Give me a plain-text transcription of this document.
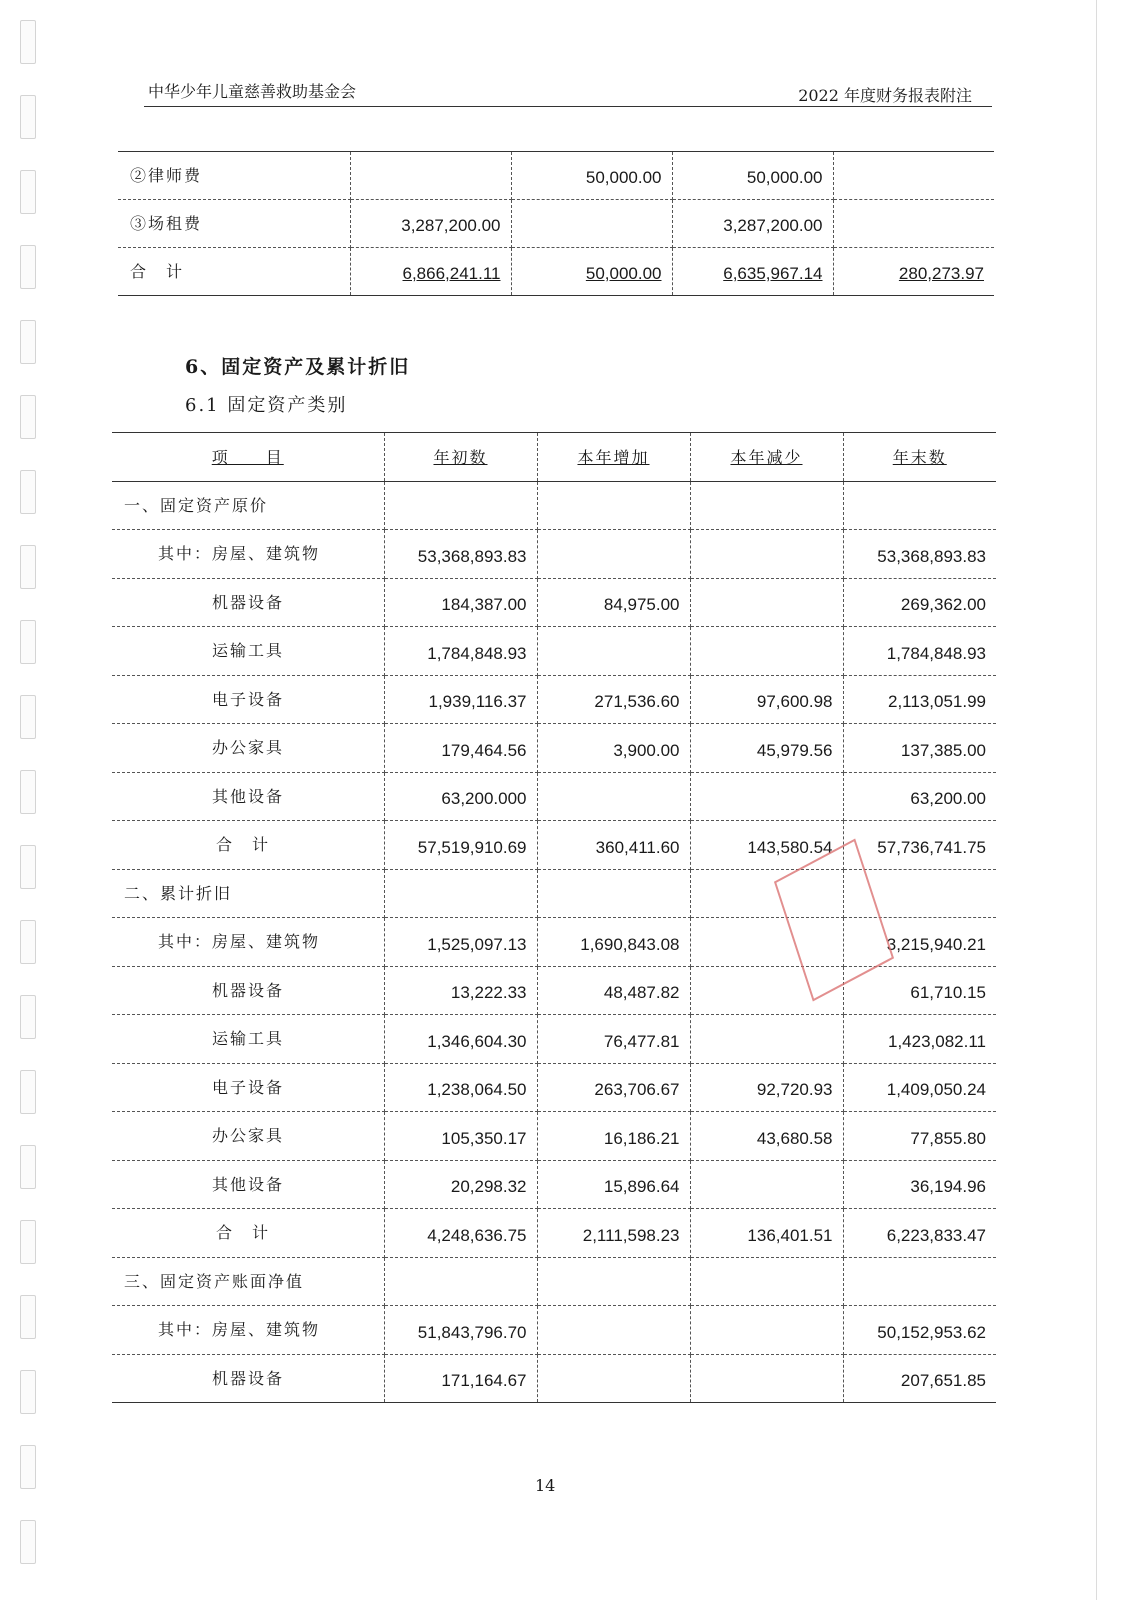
中华少年儿童慈善救助基金会	2022 年度财务报表附注
②律师费		50,000.00	50,000.00	
③场租费	3,287,200.00		3,287,200.00	
合　计	6,866,241.11	50,000.00	6,635,967.14	280,273.97
6、固定资产及累计折旧
6.1 固定资产类别
项　　目	年初数	本年增加	本年减少	年末数
一、固定资产原价				
其中：房屋、建筑物	53,368,893.83			53,368,893.83
机器设备	184,387.00	84,975.00		269,362.00
运输工具	1,784,848.93			1,784,848.93
电子设备	1,939,116.37	271,536.60	97,600.98	2,113,051.99
办公家具	179,464.56	3,900.00	45,979.56	137,385.00
其他设备	63,200.000			63,200.00
合　计	57,519,910.69	360,411.60	143,580.54	57,736,741.75
二、累计折旧				
其中：房屋、建筑物	1,525,097.13	1,690,843.08		3,215,940.21
机器设备	13,222.33	48,487.82		61,710.15
运输工具	1,346,604.30	76,477.81		1,423,082.11
电子设备	1,238,064.50	263,706.67	92,720.93	1,409,050.24
办公家具	105,350.17	16,186.21	43,680.58	77,855.80
其他设备	20,298.32	15,896.64		36,194.96
合　计	4,248,636.75	2,111,598.23	136,401.51	6,223,833.47
三、固定资产账面净值				
其中：房屋、建筑物	51,843,796.70			50,152,953.62
机器设备	171,164.67			207,651.85
14
